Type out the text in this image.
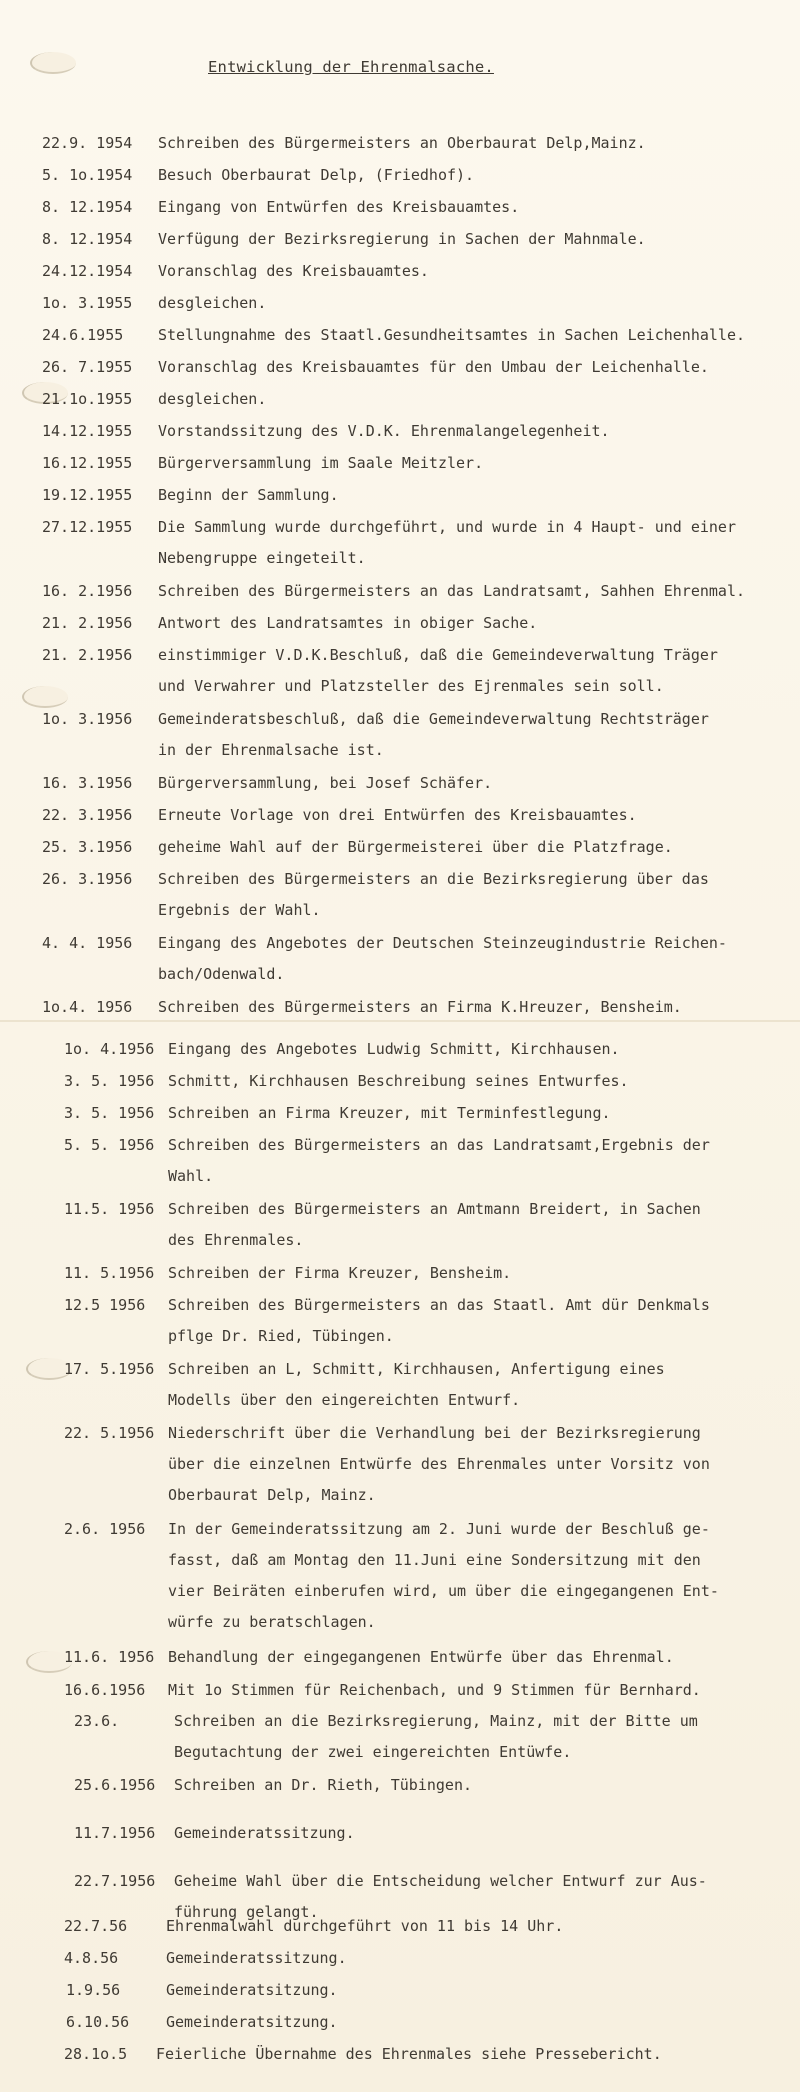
Entwicklung der Ehrenmalsache.
22.9. 1954 Schreiben des Bürgermeisters an Oberbaurat Delp,Mainz.
5. 1o.1954 Besuch Oberbaurat Delp, (Friedhof).
8. 12.1954 Eingang von Entwürfen des Kreisbauamtes.
8. 12.1954 Verfügung der Bezirksregierung in Sachen der Mahnmale.
24.12.1954 Voranschlag des Kreisbauamtes.
1o. 3.1955 desgleichen.
24.6.1955 Stellungnahme des Staatl.Gesundheitsamtes in Sachen Leichenhalle.
26. 7.1955 Voranschlag des Kreisbauamtes für den Umbau der Leichenhalle.
21.1o.1955 desgleichen.
14.12.1955 Vorstandssitzung des V.D.K. Ehrenmalangelegenheit.
16.12.1955 Bürgerversammlung im Saale Meitzler.
19.12.1955 Beginn der Sammlung.
27.12.1955 Die Sammlung wurde durchgeführt, und wurde in 4 Haupt- und einer
Nebengruppe eingeteilt.
16. 2.1956 Schreiben des Bürgermeisters an das Landratsamt, Sahhen Ehrenmal.
21. 2.1956 Antwort des Landratsamtes in obiger Sache.
21. 2.1956 einstimmiger V.D.K.Beschluß, daß die Gemeindeverwaltung Träger
und Verwahrer und Platzsteller des Ejrenmales sein soll.
1o. 3.1956 Gemeinderatsbeschluß, daß die Gemeindeverwaltung Rechtsträger
in der Ehrenmalsache ist.
16. 3.1956 Bürgerversammlung, bei Josef Schäfer.
22. 3.1956 Erneute Vorlage von drei Entwürfen des Kreisbauamtes.
25. 3.1956 geheime Wahl auf der Bürgermeisterei über die Platzfrage.
26. 3.1956 Schreiben des Bürgermeisters an die Bezirksregierung über das
Ergebnis der Wahl.
4. 4. 1956 Eingang des Angebotes der Deutschen Steinzeugindustrie Reichen-
bach/Odenwald.
1o.4. 1956 Schreiben des Bürgermeisters an Firma K.Hreuzer, Bensheim.
1o. 4.1956 Eingang des Angebotes Ludwig Schmitt, Kirchhausen.
3. 5. 1956 Schmitt, Kirchhausen Beschreibung seines Entwurfes.
3. 5. 1956 Schreiben an Firma Kreuzer, mit Terminfestlegung.
5. 5. 1956 Schreiben des Bürgermeisters an das Landratsamt,Ergebnis der
Wahl.
11.5. 1956 Schreiben des Bürgermeisters an Amtmann Breidert, in Sachen
des Ehrenmales.
11. 5.1956 Schreiben der Firma Kreuzer, Bensheim.
12.5 1956 Schreiben des Bürgermeisters an das Staatl. Amt dür Denkmals
pflge Dr. Ried, Tübingen.
17. 5.1956 Schreiben an L, Schmitt, Kirchhausen, Anfertigung eines
Modells über den eingereichten Entwurf.
22. 5.1956 Niederschrift über die Verhandlung bei der Bezirksregierung
über die einzelnen Entwürfe des Ehrenmales unter Vorsitz von
Oberbaurat Delp, Mainz.
2.6. 1956 In der Gemeinderatssitzung am 2. Juni wurde der Beschluß ge-
fasst, daß am Montag den 11.Juni eine Sondersitzung mit den
vier Beiräten einberufen wird, um über die eingegangenen Ent-
würfe zu beratschlagen.
11.6. 1956 Behandlung der eingegangenen Entwürfe über das Ehrenmal.
16.6.1956 Mit 1o Stimmen für Reichenbach, und 9 Stimmen für Bernhard.
23.6.	Schreiben an die Bezirksregierung, Mainz, mit der Bitte um
Begutachtung der zwei eingereichten Entüwfe.
25.6.1956 Schreiben an Dr. Rieth, Tübingen.
11.7.1956 Gemeinderatssitzung.
22.7.1956 Geheime Wahl über die Entscheidung welcher Entwurf zur Aus-
führung gelangt.
22.7.56	Ehrenmalwahl durchgeführt von 11 bis 14 Uhr.
4.8.56	Gemeinderatssitzung.
1.9.56	Gemeinderatsitzung.
6.10.56 Gemeinderatsitzung.
28.1o.5 Feierliche Übernahme des Ehrenmales siehe Pressebericht.
